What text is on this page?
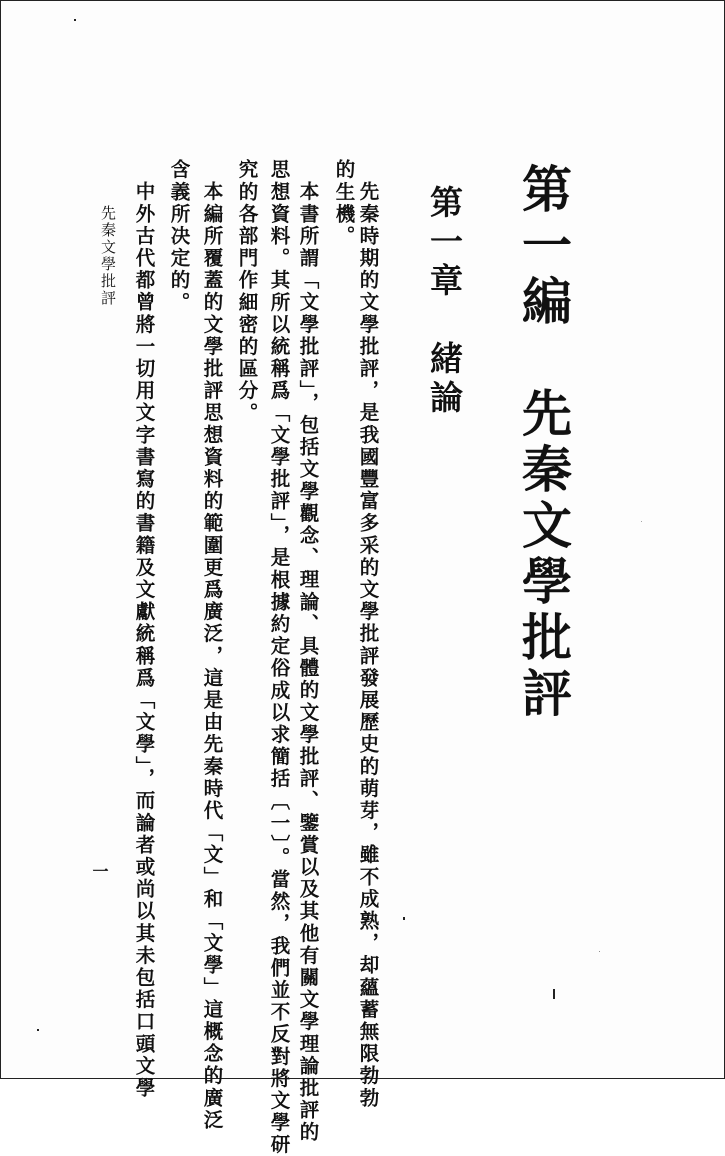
第一編　先秦文學批評
第一章　緒論
先秦時期的文學批評，是我國豐富多采的文學批評發展歷史的萌芽，雖不成熟，却蘊蓄無限勃勃
的生機。
本書所謂「文學批評」，包括文學觀念、理論、具體的文學批評、鑒賞以及其他有關文學理論批評的
思想資料。其所以統稱爲「文學批評」，是根據約定俗成以求簡括〔一〕。當然，我們並不反對將文學研
究的各部門作細密的區分。
本編所覆蓋的文學批評思想資料的範圍更爲廣泛，這是由先秦時代「文」和「文學」這概念的廣泛
含義所决定的。
中外古代都曾將一切用文字書寫的書籍及文獻統稱爲「文學」，而論者或尚以其未包括口頭文學
先秦文學批評
一
